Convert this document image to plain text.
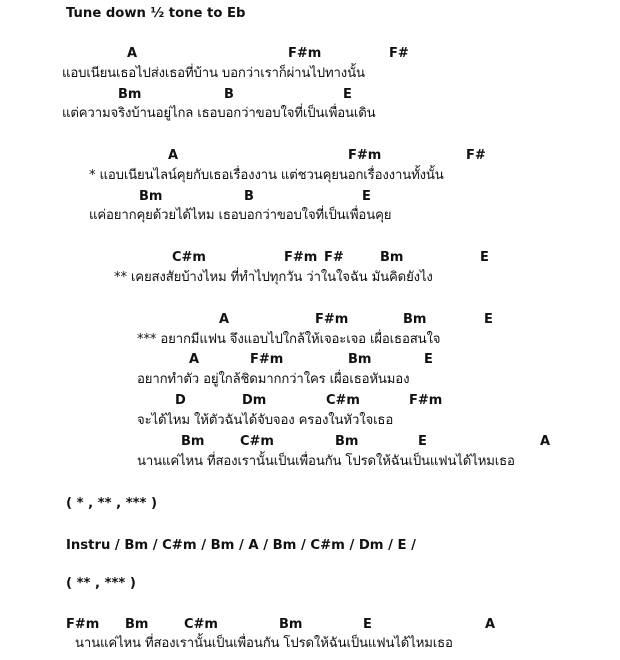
Tune down ½ tone to Eb
A	F#m	F#
แอบเนียนเธอไปส่งเธอที่บ้าน บอกว่าเราก็ผ่านไปทางนั้น
Bm	B	E
แต่ความจริงบ้านอยู่ไกล เธอบอกว่าขอบใจที่เป็นเพื่อนเดิน
A	F#m	F#
* แอบเนียนไลน์คุยกับเธอเรื่องงาน แต่ชวนคุยนอกเรื่องงานทั้งนั้น
Bm	B	E
แค่อยากคุยด้วยได้ไหม เธอบอกว่าขอบใจที่เป็นเพื่อนคุย
C#m	F#m F#	Bm	E
** เคยสงสัยบ้างไหม ที่ทำไปทุกวัน ว่าในใจฉัน มันคิดยังไง
A	F#m	Bm	E
*** อยากมีแฟน จึงแอบไปใกล้ให้เจอะเจอ เผื่อเธอสนใจ
A	F#m	Bm	E
อยากทำตัว อยู่ใกล้ชิดมากกว่าใคร เผื่อเธอหันมอง
D	Dm	C#m	F#m
จะได้ไหม ให้ตัวฉันได้จับจอง ครองในหัวใจเธอ
Bm	C#m	Bm	E	A
นานแค่ไหน ที่สองเรานั้นเป็นเพื่อนกัน โปรดให้ฉันเป็นแฟนได้ไหมเธอ
( * , ** , *** )
Instru / Bm / C#m / Bm / A / Bm / C#m / Dm / E /
( ** , *** )
F#m Bm	C#m	Bm	E	A
นานแค่ไหน ที่สองเรานั้นเป็นเพื่อนกัน โปรดให้ฉันเป็นแฟนได้ไหมเธอ
